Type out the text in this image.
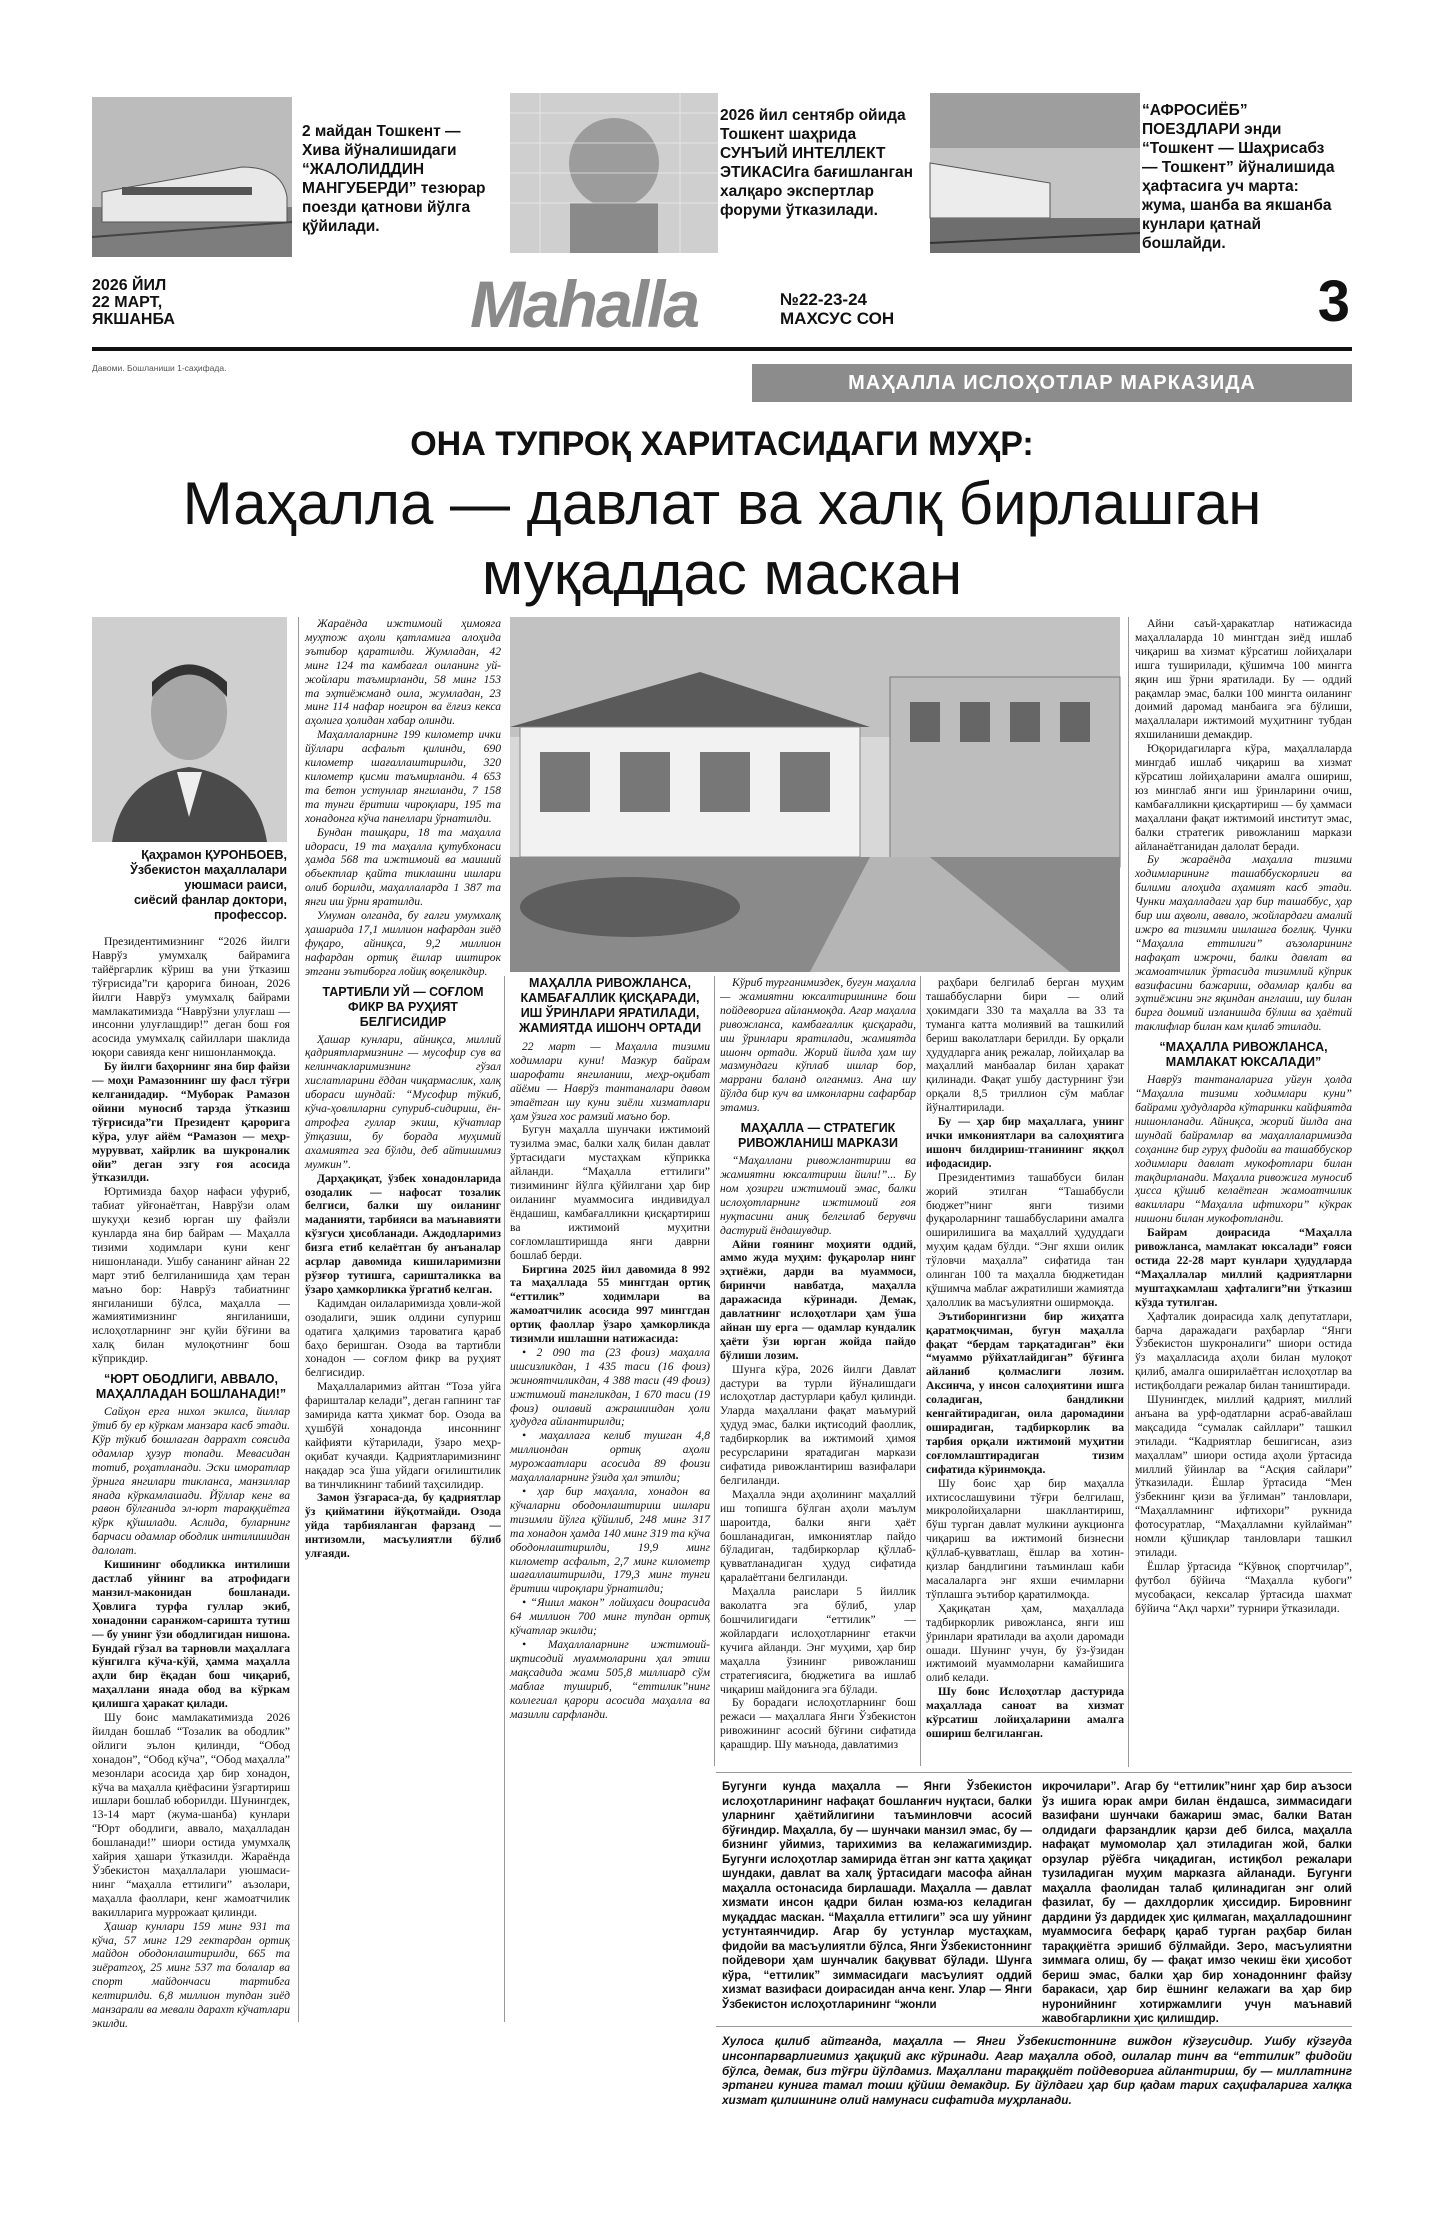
2 майдан Тошкент — Хива йўналишидаги “ЖАЛОЛИДДИН МАНГУБЕРДИ” тезюрар поезди қатнови йўлга қўйилади.
2026 йил сентябр ойида Тошкент шаҳрида СУНЪИЙ ИНТЕЛЛЕКТ ЭТИКАСИга бағишланган халқаро экспертлар форуми ўтказилади.
“АФРОСИЁБ” ПОЕЗДЛАРИ энди “Тошкент — Шаҳрисабз — Тошкент” йўналишида ҳафтасига уч марта: жума, шанба ва якшанба кунлари қатнай бошлайди.
2026 ЙИЛ
22 МАРТ,
ЯКШАНБА	Mahalla	№22-23-24
МАХСУС СОН	3
Давоми. Бошланиши 1-саҳифада.
МАҲАЛЛА ИСЛОҲОТЛАР МАРКАЗИДА
ОНА ТУПРОҚ ХАРИТАСИДАГИ МУҲР:
Маҳалла — давлат ва халқ бирлашган
муқаддас маскан
Қаҳрамон ҚУРОНБОЕВ,
Ўзбекистон маҳаллалари
уюшмаси раиси,
сиёсий фанлар доктори,
профессор.
МАҲАЛЛА РИВОЖЛАНСА, КАМБАҒАЛЛИК ҚИСҚАРАДИ, ИШ ЎРИНЛАРИ ЯРАТИЛАДИ, ЖАМИЯТДА ИШОНЧ ОРТАДИ

Президентимизнинг “2026 йилги Наврўз умумхалқ байрамига тайёргарлик кўриш ва уни ўтказиш тўғрисида”ги қарорига биноан, 2026 йилги Наврўз умумхалқ байрами мамлакатимизда “Наврўзни улуғлаш — инсонни улуғлашдир!” деган бош ғоя асосида умумхалқ сайиллари шаклида юқори савияда кенг нишонланмоқда.

Бу йилги баҳорнинг яна бир файзи — моҳи Рамазоннинг шу фасл тўғри келганидадир. “Муборак Рамазон ойини муносиб тарзда ўтказиш тўғрисида”ги Президент қарорига кўра, улуғ айём “Рамазон — меҳр-мурувват, хайрлик ва шукроналик ойи” деган эзгу ғоя асосида ўтказилди.

Юртимизда баҳор нафаси уфуриб, табиат уйғонаётган, Наврўзи олам шукуҳи кезиб юрган шу файзли кунларда яна бир байрам — Маҳалла тизими ходимлари куни кенг нишонланади. Ушбу сананинг айнан 22 март этиб белгиланишида ҳам теран маъно бор: Наврўз табиатнинг янгиланиши бўлса, маҳалла — жамиятимизнинг янгиланиши, ислоҳотларнинг энг қуйи бўғини ва халқ билан мулоқотнинг бош кўприкдир.

“ЮРТ ОБОДЛИГИ, АВВАЛО, МАҲАЛЛАДАН БОШЛАНАДИ!”

Сайҳон ерга нихол экилса, йиллар ўтиб бу ер кўркам манзара касб этади. Кўр тўкиб бошлаган даррахт соясида одамлар ҳузур топади. Мевасидан тотиб, роҳатланади. Эски иморатлар ўрнига янгилари тикланса, манзиллар янада кўркамлашади. Йўллар кенг ва равон бўлганида эл-юрт тараққиётга кўрк қўшилади. Аслида, буларнинг барчаси одамлар ободлик интилишидан далолат.

Кишининг ободликка интилиши дастлаб уйнинг ва атрофидаги манзил-маконидан бошланади. Ҳовлига турфа гуллар экиб, хонадонни саранжом-саришта тутиш — бу унинг ўзи ободлигидан нишона. Бундай гўзал ва тарновли маҳаллага кўнгилга кўча-кўй, ҳамма маҳалла аҳли бир ёқадан бош чиқариб, маҳаллани янада обод ва кўркам қилишга ҳаракат қилади.

Шу боис мамлакатимизда 2026 йилдан бошлаб “Тозалик ва ободлик” ойлиги эълон қилинди, “Обод хонадон”, “Обод кўча”, “Обод маҳалла” мезонлари асосида ҳар бир хонадон, кўча ва маҳалла қиёфасини ўзгартириш ишлари бошлаб юборилди. Шунингдек, 13-14 март (жума-шанба) кунлари “Юрт ободлиги, аввало, маҳалладан бошланади!” шиори остида умумхалқ хайрия ҳашари ўтказилди. Жараёнда Ўзбекистон маҳаллалари уюшмаси-нинг “маҳалла еттилиги” аъзолари, маҳалла фаоллари, кенг жамоатчилик вакилларига муррожаат қилинди.

Ҳашар кунлари 159 минг 931 та кўча, 57 минг 129 гектардан ортиқ майдон ободонлаштирилди, 665 та зиёратгоҳ, 25 минг 537 та болалар ва спорт майдончаси тартибга келтирилди. 6,8 миллион тупдан зиёд манзарали ва мевали дарахт кўчатлари экилди.

Жараёнда ижтимоий ҳимояга муҳтож аҳоли қатламига алоҳида эътибор қаратилди. Жумладан, 42 минг 124 та камбағал оиланинг уй-жойлари таъмирланди, 58 минг 153 та эҳтиёжманд оила, жумладан, 23 минг 114 нафар ногирон ва ёлғиз кекса аҳолига ҳолидан хабар олинди.

Маҳаллаларнинг 199 километр ички йўллари асфальт қилинди, 690 километр шағаллаштирилди, 320 километр қисми таъмирланди. 4 653 та бетон устунлар янгиланди, 7 158 та тунги ёритиш чироқлари, 195 та хонадонга кўча панеллари ўрнатилди.

Бундан ташқари, 18 та маҳалла идораси, 19 та маҳалла қутубхонаси ҳамда 568 та ижтимоий ва маиший объектлар қайта тиклашни ишлари олиб борилди, маҳаллаларда 1 387 та янги иш ўрни яратилди.

Умуман олганда, бу ғалги умумхалқ ҳашарида 17,1 миллион нафардан зиёд фуқаро, айниқса, 9,2 миллион нафардан ортиқ ёшлар иштирок этгани эътиборга лойиқ воқеликдир.

ТАРТИБЛИ УЙ — СОҒЛОМ ФИКР ВА РУҲИЯТ БЕЛГИСИДИР

Ҳашар кунлари, айниқса, миллий қадриятлармизнинг — мусофир сув ва келинчакларимизнинг гўзал хислатларини ёддан чиқармаслик, халқ ибораси шундай: “Мусофир тўкиб, кўча-ҳовлиларни супуриб-сидириш, ён-атрофга гуллар экиш, кўчатлар ўтқазиш, бу борада муҳимий ахамиятга эга бўлди, деб айтишимиз мумкин”.

Дарҳақиқат, ўзбек хонадонларида озодалик — нафосат тозалик белгиси, балки шу оиланинг маданияти, тарбияси ва маънавияти кўзгуси ҳисобланади. Аждодларимиз бизга етиб келаётган бу анъаналар асрлар давомида кишиларимизни рўзғор тутишга, саришталикка ва ўзаро ҳамкорликка ўргатиб келган.

Кадимдан оилаларимизда ҳовли-жой озодалиги, эшик олдини супуриш одатига ҳалқимиз тароватига қараб баҳо беришган. Озода ва тартибли хонадон — соғлом фикр ва руҳият белгисидир.

Маҳаллаларимиз айтган “Тоза уйга фаришталар келади”, деган гапнинг тағ замирида катта ҳикмат бор. Озода ва ҳушбўй хонадонда инсоннинг кайфияти кўтарилади, ўзаро меҳр-оқибат кучаяди. Қадриятларимизнинг нақадар эса ўша уйдаги оғилиштилик ва тинчликнинг табиий таҳсилидир.

Замон ўзгараса-да, бу қадриятлар ўз қийматини йўқотмайди. Озода уйда тарбияланган фарзанд — интизомли, масъулиятли бўлиб улғаяди.

22 март — Маҳалла тизими ходимлари куни! Мазкур байрам шарофати янгиланиш, меҳр-оқибат айёми — Наврўз тантаналари давом этаётган шу куни зиёли хизматлари ҳам ўзига хос рамзий маъно бор.

Бугун маҳалла шунчаки ижтимоий тузилма эмас, балки халқ билан давлат ўртасидаги мустаҳкам кўприкка айланди. “Маҳалла еттилиги” тизимининг йўлга қўйилгани ҳар бир оиланинг муаммосига индивидуал ёндашиш, камбағалликни қисқартириш ва ижтимоий муҳитни соғломлаштиришда янги даврни бошлаб берди.

Биргина 2025 йил давомида 8 992 та маҳаллада 55 минггдан ортиқ “еттилик” ходимлари ва жамоатчилик асосида 997 минггдан ортиқ фаоллар ўзаро ҳамкорликда тизимли ишлашни натижасида:

• 2 090 та (23 фоиз) маҳалла ишсизликдан, 1 435 таси (16 фоиз) жиноятчиликдан, 4 388 таси (49 фоиз) ижтимоий тангликдан, 1 670 таси (19 фоиз) оилавий ажрашишдан ҳоли ҳудудга айлантирилди;

• маҳаллага келиб тушган 4,8 миллиондан ортиқ аҳоли мурожаатлари асосида 89 фоизи маҳаллаларнинг ўзида ҳал этилди;

• ҳар бир маҳалла, хонадон ва кўчаларни ободонлаштириш ишлари тизимли йўлга қўйилиб, 248 минг 317 та хонадон ҳамда 140 минг 319 та кўча ободонлаштирилди, 19,9 минг километр асфальт, 2,7 минг километр шағаллаштирилди, 179,3 минг тунги ёритиш чироқлари ўрнатилди;

• “Яшил макон” лойиҳаси доирасида 64 миллион 700 минг тупдан ортиқ кўчатлар экилди;

• Маҳаллаларнинг ижтимоий-иқтисодий муаммоларини ҳал этиш мақсадида жами 505,8 миллиард сўм маблағ тушириб, “еттилик”нинг коллегиал қарори асосида маҳалла ва мазилли сарфланди.

Кўриб турганимиздек, бугун маҳалла — жамиятни юксалтиришнинг бош пойдеворига айланмоқда. Агар маҳалла ривожланса, камбағаллик қисқаради, иш ўринлари яратилади, жамиятда ишонч ортади. Жорий йилда ҳам шу мазмундаги кўплаб ишлар бор, маррани баланд олганмиз. Ана шу йўлда бир куч ва имконларни сафарбар этамиз.

МАҲАЛЛА — СТРАТЕГИК РИВОЖЛАНИШ МАРКАЗИ

“Маҳаллани ривожлантириш ва жамиятни юксалтириш йили!”... Бу ном ҳозирги ижтимоий эмас, балки ислоҳотларнинг ижтимоий ғоя нуқтасини аниқ белгилаб берувчи дастурий ёндашувдир.

Айни гоянинг моҳияти оддий, аммо жуда муҳим: фуқаролар нинг эҳтиёжи, дарди ва муаммоси, биринчи навбатда, маҳалла даражасида кўринади. Демак, давлатнинг ислоҳотлари ҳам ўша айнан шу ерга — одамлар кундалик ҳаёти ўзи юрган жойда пайдо бўлиши лозим.

Шунга кўра, 2026 йилги Давлат дастури ва турли йўналишдаги ислоҳотлар дастурлари қабул қилинди. Уларда маҳаллани фақат маъмурий ҳудуд эмас, балки иқтисодий фаоллик, тадбиркорлик ва ижтимоий ҳимоя ресурсларини яратадиган маркази сифатида ривожлантириш вазифалари белгиланди.

Маҳалла энди аҳолининг маҳаллий иш топишга бўлган аҳоли маълум шароитда, балки янги ҳаёт бошланадиган, имкониятлар пайдо бўладиган, тадбиркорлар қўллаб-қувватланадиган ҳудуд сифатида қаралаётгани белгиланди.

Маҳалла раислари 5 йиллик ваколатга эга бўлиб, улар бошчилигидаги “еттилик” — жойлардаги ислоҳотларнинг етакчи кучига айланди. Энг муҳими, ҳар бир маҳалла ўзининг ривожланиш стратегиясига, бюджетига ва ишлаб чиқариш майдонига эга бўлади.

Бу борадаги ислоҳотларнинг бош режаси — маҳаллага Янги Ўзбекистон ривожининг асосий бўғини сифатида қарашдир. Шу маънода, давлатимиз

раҳбари белгилаб берган муҳим ташаббусларни бири — олий ҳокимдаги 330 та маҳалла ва 33 та туманга катта молиявий ва ташкилий бериш ваколатлари берилди. Бу орқали ҳудудларга аниқ режалар, лойиҳалар ва маҳаллий манбаалар билан ҳаракат қилинади. Фақат ушбу дастурнинг ўзи орқали 8,5 триллион сўм маблағ йўналтирилади.

Бу — ҳар бир маҳаллага, унинг ички имкониятлари ва салоҳиятига ишонч билдириш-тганининг яққол ифодасидир.

Президентимиз ташаббуси билан жорий этилган “Ташаббусли бюджет”нинг янги тизими фуқароларнинг ташаббусларини амалга оширилишига ва маҳаллий ҳудуддаги муҳим қадам бўлди. “Энг яхши оилик тўловчи маҳалла” сифатида тан олинган 100 та маҳалла бюджетидан қўшимча маблағ ажратилиши жамиятда ҳалоллик ва масъулиятни оширмоқда.

Эътиборингизни бир жиҳатга қаратмоқчиман, бугун маҳалла фақат “бердам тарқатадиган” ёки “муаммо рўйхатлайдиган” бўғинга айланиб қолмаслиги лозим. Аксинча, у инсон салоҳиятини ишга соладиган, бандликни кенгайтирадиган, оила даромадини оширадиган, тадбиркорлик ва тарбия орқали ижтимоий муҳитни соғломлаштирадиган тизим сифатида кўринмоқда.

Шу боис ҳар бир маҳалла ихтисослашувини тўғри белгилаш, микролойиҳаларни шакллантириш, бўш турган давлат мулкини аукционга чиқариш ва ижтимоий бизнесни қўллаб-қувватлаш, ёшлар ва хотин-қизлар бандлигини таъминлаш каби масалаларга энг яхши ечимларни тўплашга эътибор қаратилмоқда.

Ҳақиқатан ҳам, маҳаллада тадбиркорлик ривожланса, янги иш ўринлари яратилади ва аҳоли даромади ошади. Шунинг учун, бу ўз-ўзидан ижтимоий муаммоларни камайишига олиб келади.

Шу боис Ислоҳотлар дастурида маҳаллада саноат ва хизмат кўрсатиш лойиҳаларини амалга ошириш белгиланган.

Айни саъй-ҳаракатлар натижасида маҳаллаларда 10 минггдан зиёд ишлаб чиқариш ва хизмат кўрсатиш лойиҳалари ишга туширилади, қўшимча 100 мингга яқин иш ўрни яратилади. Бу — оддий рақамлар эмас, балки 100 мингта оиланинг доимий даромад манбаига эга бўлиши, маҳаллалари ижтимоий муҳитнинг тубдан яхшиланиши демакдир.

Юқоридагиларга кўра, маҳаллаларда мингдаб ишлаб чиқариш ва хизмат кўрсатиш лойиҳаларини амалга ошириш, юз минглаб янги иш ўринларини очиш, камбағалликни қисқартириш — бу ҳаммаси маҳаллани фақат ижтимоий институт эмас, балки стратегик ривожланиш маркази айланаётганидан далолат беради.

Бу жараёнда маҳалла тизими ходимларининг ташаббускорлиги ва билими алоҳида аҳамият касб этади. Чунки маҳалладаги ҳар бир ташаббус, ҳар бир иш аҳволи, аввало, жойлардаги амалий ижро ва тизимли ишлашга боғлиқ. Чунки “Маҳалла еттилиги” аъзоларининг нафақат ижрочи, балки давлат ва жамоатчилик ўртасида тизимлий кўприк вазифасини бажариш, одамлар қалби ва эҳтиёжини энг яқиндан англаши, шу билан бирга доимий изланишда бўлиш ва ҳаётий таклифлар билан кам қилаб этилади.

“МАҲАЛЛА РИВОЖЛАНСА, МАМЛАКАТ ЮКСАЛАДИ”

Наврўз тантаналарига уйғун ҳолда “Маҳалла тизими ходимлари куни” байрами ҳудудларда кўтаринки кайфиятда нишонланади. Айниқса, жорий йилда ана шундай байрамлар ва маҳаллаларимизда соҳанинг бир гуруҳ фидойи ва ташаббускор ходимлари давлат мукофотлари билан тақдирланади. Маҳалла ривожига муносиб ҳисса қўшиб келаётган жамоатчилик вакиллари “Маҳалла ифтихори” кўкрак нишони билан мукофотланди.

Байрам доирасида “Маҳалла ривожланса, мамлакат юксалади” ғояси остида 22-28 март кунлари ҳудудларда “Маҳаллалар миллий қадриятларни муштаҳкамлаш ҳафталиги”ни ўтказиш кўзда тутилган.

Ҳафталик доирасида халқ депутатлари, барча даражадаги раҳбарлар “Янги Ўзбекистон шукроналиги” шиори остида ўз маҳалласида аҳоли билан мулоқот қилиб, амалга оширилаётган ислоҳотлар ва истиқболдаги режалар билан таништиради.

Шунингдек, миллий қадрият, миллий анъана ва урф-одатларни асраб-авайлаш мақсадида “сумалак сайллари” ташкил этилади. “Кадриятлар бешигисан, азиз маҳаллам” шиори остида аҳоли ўртасида миллий ўйинлар ва “Асқия сайлари” ўтказилади. Ёшлар ўртасида “Мен ўзбекнинг қизи ва ўғлиман” танловлари, “Маҳалламнинг ифтихори” рукнида фотосуратлар, “Маҳалламни куйлайман” номли қўшиқлар танловлари ташкил этилади.

Ёшлар ўртасида “Кўвноқ спортчилар”, футбол бўйича “Маҳалла кубоги” мусобақаси, кексалар ўртасида шахмат бўйича “Ақл чархи” турнири ўтказилади.

Бугунги кунда маҳалла — Янги Ўзбекистон ислоҳотларининг нафақат бошланғич нуқтаси, балки уларнинг ҳаётийлигини таъминловчи асосий бўғиндир. Маҳалла, бу — шунчаки манзил эмас, бу — бизнинг уйимиз, тарихимиз ва келажагимиздир. Бугунги ислоҳотлар замирида ётган энг катта ҳақиқат шундаки, давлат ва халқ ўртасидаги масофа айнан маҳалла остонасида бирлашади. Маҳалла — давлат хизмати инсон қадри билан юзма-юз келадиган муқаддас маскан. “Маҳалла еттилиги” эса шу уйнинг устунтаянчидир. Агар бу устунлар мустаҳкам, фидойи ва масъулиятли бўлса, Янги Ўзбекистоннинг пойдевори ҳам шунчалик бақувват бўлади. Шунга кўра, “еттилик” зиммасидаги масъулият оддий хизмат вазифаси доирасидан анча кенг. Улар — Янги Ўзбекистон ислоҳотларининг “жонли
икрочилари”. Агар бу “еттилик”нинг ҳар бир аъзоси ўз ишига юрак амри билан ёндашса, зиммасидаги вазифани шунчаки бажариш эмас, балки Ватан олдидаги фарзандлик қарзи деб билса, маҳалла нафақат мумомолар ҳал этиладиган жой, балки орзулар рўёбга чиқадиган, истиқбол режалари тузиладиган муҳим марказга айланади. Бугунги маҳалла фаолидан талаб қилинадиган энг олий фазилат, бу — дахлдорлик ҳиссидир. Бировнинг дардини ўз дардидек ҳис қилмаган, маҳалладошнинг муаммосига бефарқ қараб турган раҳбар билан тараққиётга эришиб бўлмайди. Зеро, масъулиятни зиммага олиш, бу — фақат имзо чекиш ёки ҳисобот бериш эмас, балки ҳар бир хонадоннинг файзу баракаси, ҳар бир ёшнинг келажаги ва ҳар бир нуронийнинг хотиржамлиги учун маънавий жавобгарликни ҳис қилишдир.
Хулоса қилиб айтганда, маҳалла — Янги Ўзбекистоннинг виждон кўзгусидир. Ушбу кўзгуда инсонпарварлигимиз ҳақиқий акс кўринади. Агар маҳалла обод, оилалар тинч ва “еттилик” фидойи бўлса, демак, биз тўғри йўлдамиз. Маҳаллани тараққиёт пойдеворига айлантириш, бу — миллатнинг эртанги кунига тамал тоши қўйиш демакдир. Бу йўлдаги ҳар бир қадам тарих саҳифаларига халқка хизмат қилишнинг олий намунаси сифатида муҳрланади.
